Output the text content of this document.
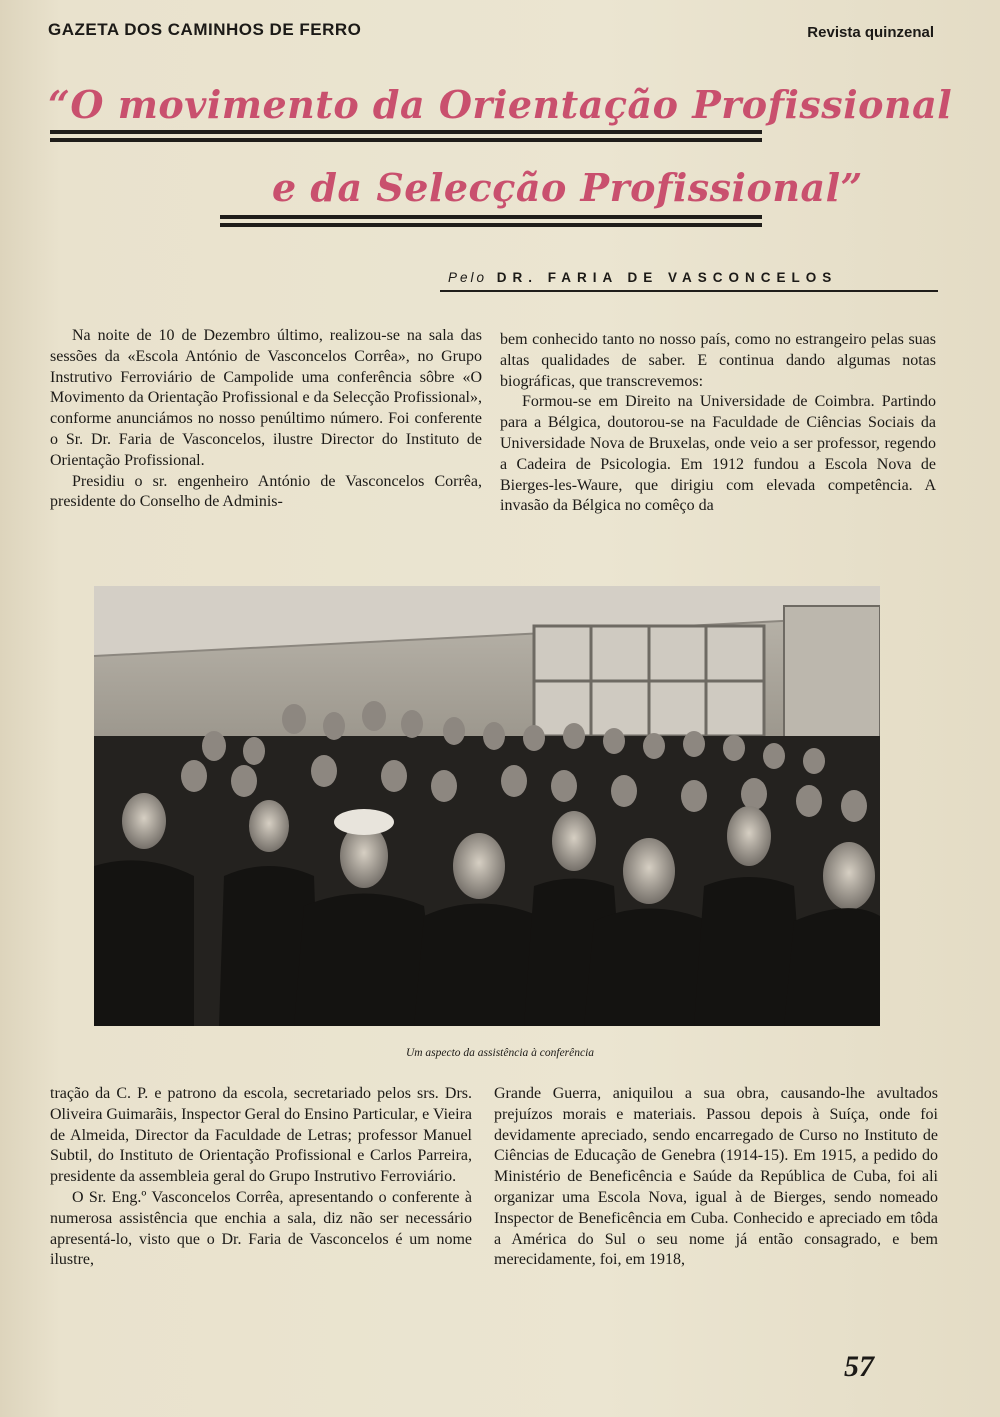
GAZETA DOS CAMINHOS DE FERRO	Revista quinzenal
“O movimento da Orientação Profissional
e da Selecção Profissional”
Pelo DR. FARIA DE VASCONCELOS

Na noite de 10 de Dezembro último, realizou-se na sala das sessões da «Escola António de Vasconcelos Corrêa», no Grupo Instrutivo Ferroviário de Campolide uma conferência sôbre «O Movimento da Orientação Profissional e da Selecção Profissional», conforme anunciámos no nosso penúltimo número. Foi conferente o Sr. Dr. Faria de Vasconcelos, ilustre Director do Instituto de Orientação Profissional.

Presidiu o sr. engenheiro António de Vasconcelos Corrêa, presidente do Conselho de Adminis-

bem conhecido tanto no nosso país, como no estrangeiro pelas suas altas qualidades de saber. E continua dando algumas notas biográficas, que transcrevemos:

Formou-se em Direito na Universidade de Coimbra. Partindo para a Bélgica, doutorou-se na Faculdade de Ciências Sociais da Universidade Nova de Bruxelas, onde veio a ser professor, regendo a Cadeira de Psicologia. Em 1912 fundou a Escola Nova de Bierges-les-Waure, que dirigiu com elevada competência. A invasão da Bélgica no comêço da

Um aspecto da assistência à conferência

tração da C. P. e patrono da escola, secretariado pelos srs. Drs. Oliveira Guimarãis, Inspector Geral do Ensino Particular, e Vieira de Almeida, Director da Faculdade de Letras; professor Manuel Subtil, do Instituto de Orientação Profissional e Carlos Parreira, presidente da assembleia geral do Grupo Instrutivo Ferroviário.

O Sr. Eng.º Vasconcelos Corrêa, apresentando o conferente à numerosa assistência que enchia a sala, diz não ser necessário apresentá-lo, visto que o Dr. Faria de Vasconcelos é um nome ilustre,

Grande Guerra, aniquilou a sua obra, causando-lhe avultados prejuízos morais e materiais. Passou depois à Suíça, onde foi devidamente apreciado, sendo encarregado de Curso no Instituto de Ciências de Educação de Genebra (1914-15). Em 1915, a pedido do Ministério de Beneficência e Saúde da República de Cuba, foi ali organizar uma Escola Nova, igual à de Bierges, sendo nomeado Inspector de Beneficência em Cuba. Conhecido e apreciado em tôda a América do Sul o seu nome já então consagrado, e bem merecidamente, foi, em 1918,

57
